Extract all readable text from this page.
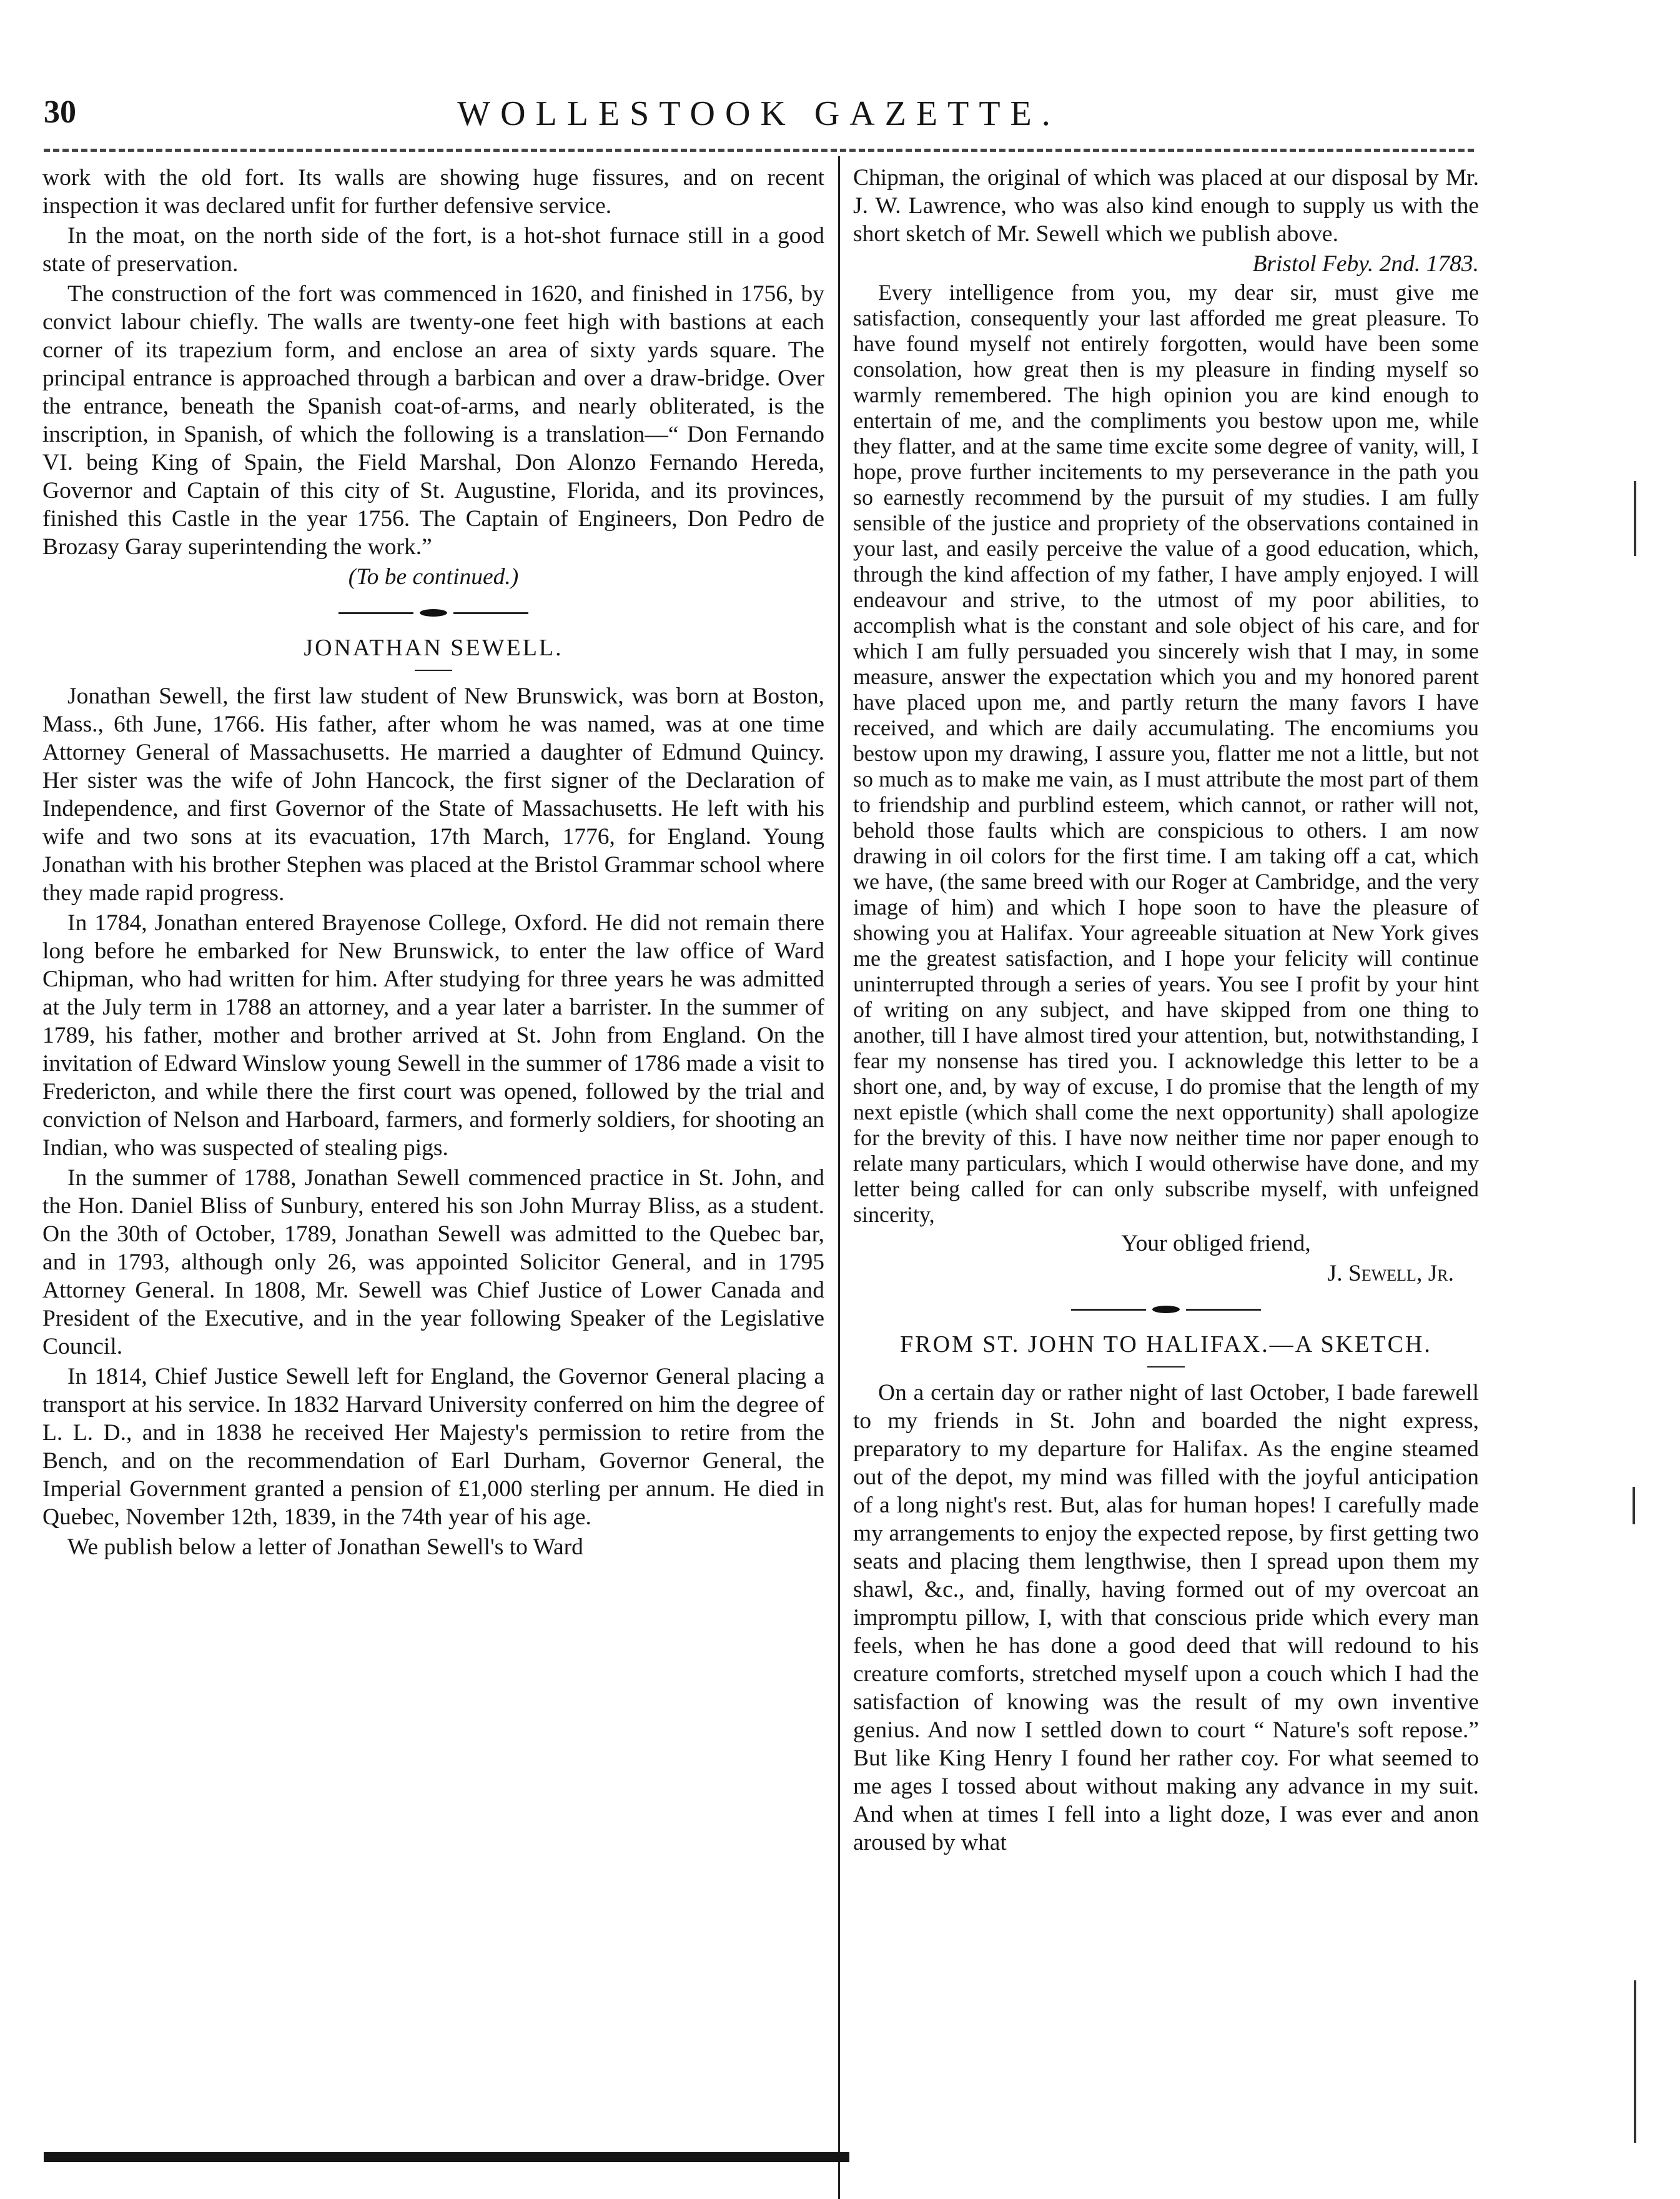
30	WOLLESTOOK GAZETTE.

work with the old fort. Its walls are showing huge fissures, and on recent inspection it was declared unfit for further defensive service.

In the moat, on the north side of the fort, is a hot-shot furnace still in a good state of preservation.

The construction of the fort was commenced in 1620, and finished in 1756, by convict labour chiefly. The walls are twenty-one feet high with bastions at each corner of its trapezium form, and enclose an area of sixty yards square. The principal entrance is approached through a barbican and over a draw-bridge. Over the entrance, beneath the Spanish coat-of-arms, and nearly obliterated, is the inscription, in Spanish, of which the following is a translation—“ Don Fernando VI. being King of Spain, the Field Marshal, Don Alonzo Fernando Hereda, Governor and Captain of this city of St. Augustine, Florida, and its provinces, finished this Castle in the year 1756. The Captain of Engineers, Don Pedro de Brozasy Garay superintending the work.”

(To be continued.)

JONATHAN SEWELL.

Jonathan Sewell, the first law student of New Brunswick, was born at Boston, Mass., 6th June, 1766. His father, after whom he was named, was at one time Attorney General of Massachusetts. He married a daughter of Edmund Quincy. Her sister was the wife of John Hancock, the first signer of the Declaration of Independence, and first Governor of the State of Massachusetts. He left with his wife and two sons at its evacuation, 17th March, 1776, for England. Young Jonathan with his brother Stephen was placed at the Bristol Grammar school where they made rapid progress.

In 1784, Jonathan entered Brayenose College, Oxford. He did not remain there long before he embarked for New Brunswick, to enter the law office of Ward Chipman, who had written for him. After studying for three years he was admitted at the July term in 1788 an attorney, and a year later a barrister. In the summer of 1789, his father, mother and brother arrived at St. John from England. On the invitation of Edward Winslow young Sewell in the summer of 1786 made a visit to Fredericton, and while there the first court was opened, followed by the trial and conviction of Nelson and Harboard, farmers, and formerly soldiers, for shooting an Indian, who was suspected of stealing pigs.

In the summer of 1788, Jonathan Sewell commenced practice in St. John, and the Hon. Daniel Bliss of Sunbury, entered his son John Murray Bliss, as a student. On the 30th of October, 1789, Jonathan Sewell was admitted to the Quebec bar, and in 1793, although only 26, was appointed Solicitor General, and in 1795 Attorney General. In 1808, Mr. Sewell was Chief Justice of Lower Canada and President of the Executive, and in the year following Speaker of the Legislative Council.

In 1814, Chief Justice Sewell left for England, the Governor General placing a transport at his service. In 1832 Harvard University conferred on him the degree of L. L. D., and in 1838 he received Her Majesty's permission to retire from the Bench, and on the recommendation of Earl Durham, Governor General, the Imperial Government granted a pension of £1,000 sterling per annum. He died in Quebec, November 12th, 1839, in the 74th year of his age.

We publish below a letter of Jonathan Sewell's to Ward

Chipman, the original of which was placed at our disposal by Mr. J. W. Lawrence, who was also kind enough to supply us with the short sketch of Mr. Sewell which we publish above.

Bristol Feby. 2nd. 1783.

Every intelligence from you, my dear sir, must give me satisfaction, consequently your last afforded me great pleasure. To have found myself not entirely forgotten, would have been some consolation, how great then is my pleasure in finding myself so warmly remembered. The high opinion you are kind enough to entertain of me, and the compliments you bestow upon me, while they flatter, and at the same time excite some degree of vanity, will, I hope, prove further incitements to my perseverance in the path you so earnestly recommend by the pursuit of my studies. I am fully sensible of the justice and propriety of the observations contained in your last, and easily perceive the value of a good education, which, through the kind affection of my father, I have amply enjoyed. I will endeavour and strive, to the utmost of my poor abilities, to accomplish what is the constant and sole object of his care, and for which I am fully persuaded you sincerely wish that I may, in some measure, answer the expectation which you and my honored parent have placed upon me, and partly return the many favors I have received, and which are daily accumulating. The encomiums you bestow upon my drawing, I assure you, flatter me not a little, but not so much as to make me vain, as I must attribute the most part of them to friendship and purblind esteem, which cannot, or rather will not, behold those faults which are conspicious to others. I am now drawing in oil colors for the first time. I am taking off a cat, which we have, (the same breed with our Roger at Cambridge, and the very image of him) and which I hope soon to have the pleasure of showing you at Halifax. Your agreeable situation at New York gives me the greatest satisfaction, and I hope your felicity will continue uninterrupted through a series of years. You see I profit by your hint of writing on any subject, and have skipped from one thing to another, till I have almost tired your attention, but, notwithstanding, I fear my nonsense has tired you. I acknowledge this letter to be a short one, and, by way of excuse, I do promise that the length of my next epistle (which shall come the next opportunity) shall apologize for the brevity of this. I have now neither time nor paper enough to relate many particulars, which I would otherwise have done, and my letter being called for can only subscribe myself, with unfeigned sincerity,

Your obliged friend,

J. Sewell, Jr.

FROM ST. JOHN TO HALIFAX.—A SKETCH.

On a certain day or rather night of last October, I bade farewell to my friends in St. John and boarded the night express, preparatory to my departure for Halifax. As the engine steamed out of the depot, my mind was filled with the joyful anticipation of a long night's rest. But, alas for human hopes! I carefully made my arrangements to enjoy the expected repose, by first getting two seats and placing them lengthwise, then I spread upon them my shawl, &c., and, finally, having formed out of my overcoat an impromptu pillow, I, with that conscious pride which every man feels, when he has done a good deed that will redound to his creature comforts, stretched myself upon a couch which I had the satisfaction of knowing was the result of my own inventive genius. And now I settled down to court “ Nature's soft repose.” But like King Henry I found her rather coy. For what seemed to me ages I tossed about without making any advance in my suit. And when at times I fell into a light doze, I was ever and anon aroused by what
